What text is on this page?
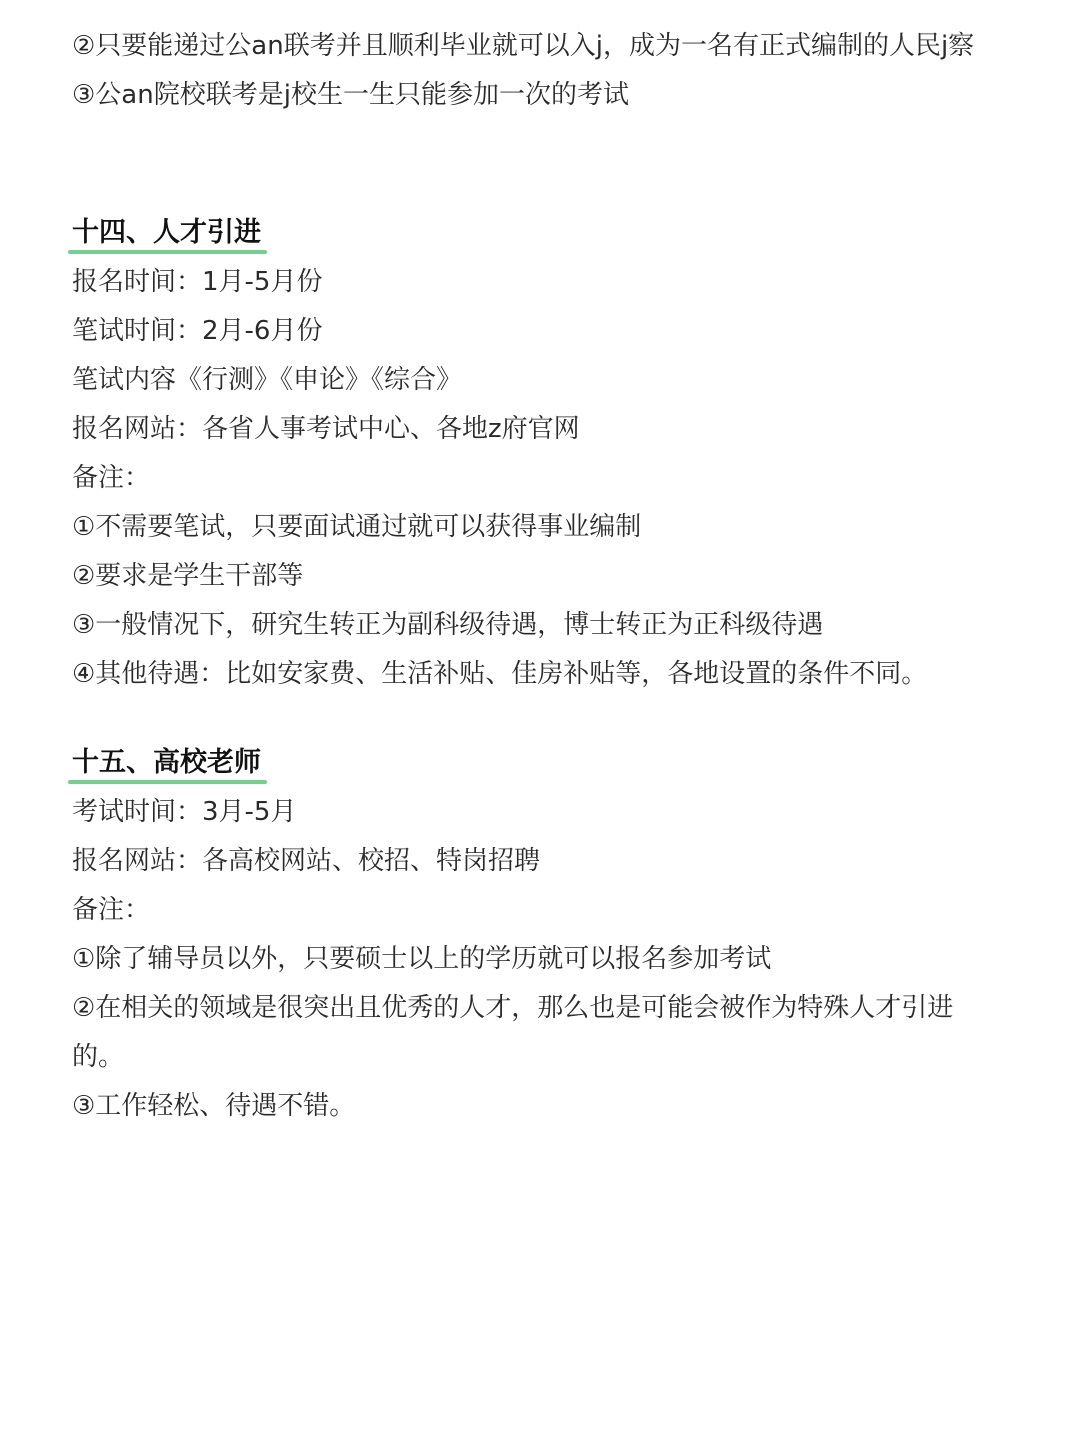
②只要能递过公an联考并且顺利毕业就可以入j，成为一名有正式编制的人民j察

③公an院校联考是j校生一生只能参加一次的考试

十四、人才引进

报名时间：1月-5月份

笔试时间：2月-6月份

笔试内容《行测》《申论》《综合》

报名网站：各省人事考试中心、各地z府官网

备注：

①不需要笔试，只要面试通过就可以获得事业编制

②要求是学生干部等

③一般情况下，研究生转正为副科级待遇，博士转正为正科级待遇

④其他待遇：比如安家费、生活补贴、佳房补贴等，各地设置的条件不同。

十五、高校老师

考试时间：3月-5月

报名网站：各高校网站、校招、特岗招聘

备注：

①除了辅导员以外，只要硕士以上的学历就可以报名参加考试

②在相关的领域是很突出且优秀的人才，那么也是可能会被作为特殊人才引进的。

③工作轻松、待遇不错。
